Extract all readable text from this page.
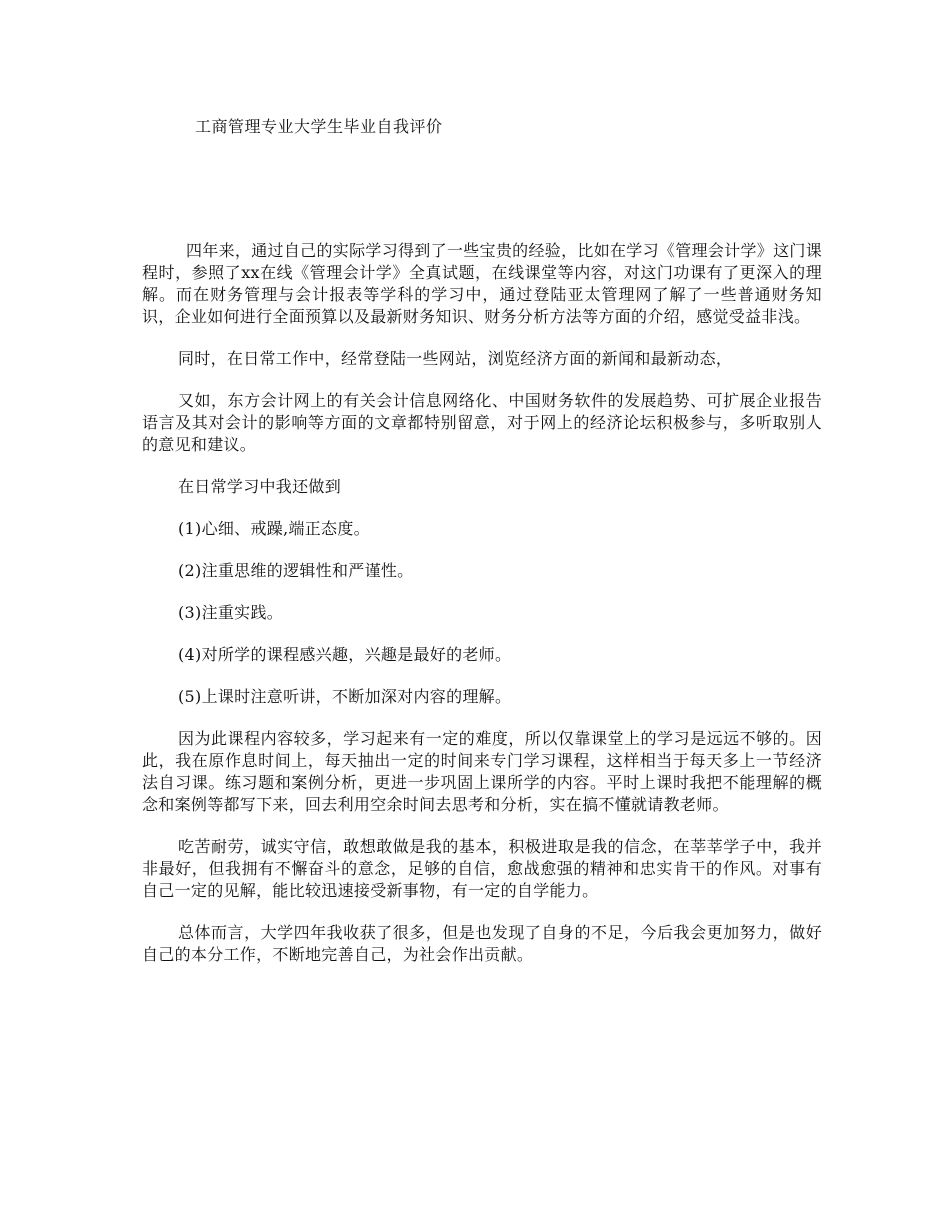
工商管理专业大学生毕业自我评价

四年来，通过自己的实际学习得到了一些宝贵的经验，比如在学习《管理会计学》这门课程时，参照了xx在线《管理会计学》全真试题，在线课堂等内容，对这门功课有了更深入的理解。而在财务管理与会计报表等学科的学习中，通过登陆亚太管理网了解了一些普通财务知识，企业如何进行全面预算以及最新财务知识、财务分析方法等方面的介绍，感觉受益非浅。

同时，在日常工作中，经常登陆一些网站，浏览经济方面的新闻和最新动态，

又如，东方会计网上的有关会计信息网络化、中国财务软件的发展趋势、可扩展企业报告语言及其对会计的影响等方面的文章都特别留意，对于网上的经济论坛积极参与，多听取别人的意见和建议。

在日常学习中我还做到

(1)心细、戒躁,端正态度。

(2)注重思维的逻辑性和严谨性。

(3)注重实践。

(4)对所学的课程感兴趣，兴趣是最好的老师。

(5)上课时注意听讲，不断加深对内容的理解。

因为此课程内容较多，学习起来有一定的难度，所以仅靠课堂上的学习是远远不够的。因此，我在原作息时间上，每天抽出一定的时间来专门学习课程，这样相当于每天多上一节经济法自习课。练习题和案例分析，更进一步巩固上课所学的内容。平时上课时我把不能理解的概念和案例等都写下来，回去利用空余时间去思考和分析，实在搞不懂就请教老师。

吃苦耐劳，诚实守信，敢想敢做是我的基本，积极进取是我的信念，在莘莘学子中，我并非最好，但我拥有不懈奋斗的意念，足够的自信，愈战愈强的精神和忠实肯干的作风。对事有自己一定的见解，能比较迅速接受新事物，有一定的自学能力。

总体而言，大学四年我收获了很多，但是也发现了自身的不足，今后我会更加努力，做好自己的本分工作，不断地完善自己，为社会作出贡献。
